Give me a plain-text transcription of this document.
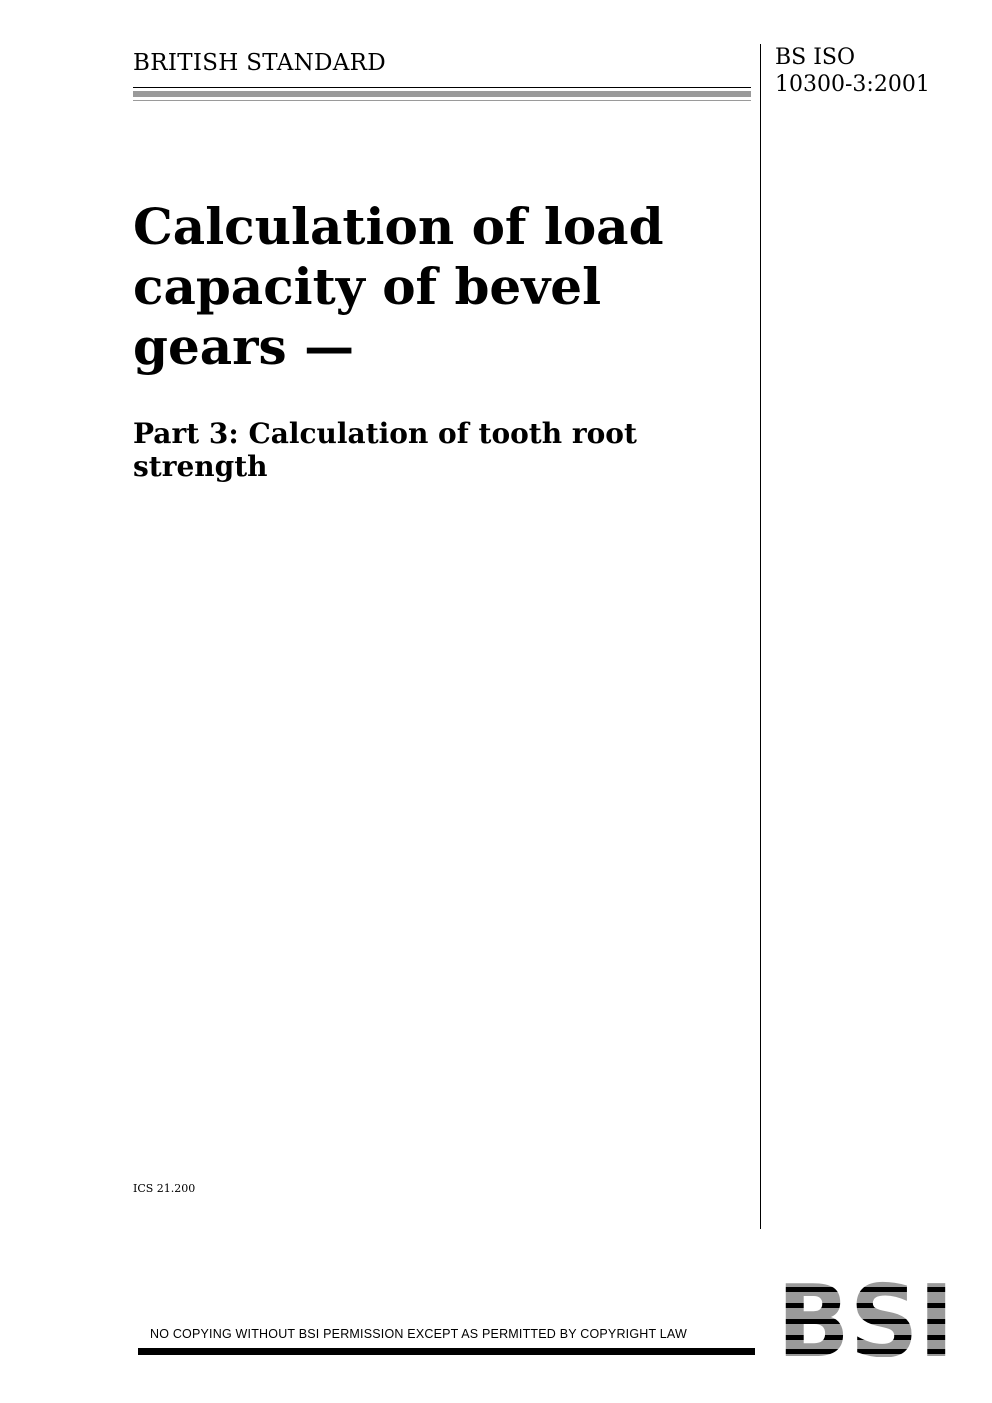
BRITISH STANDARD	BS ISO
10300-3:2001
Calculation of load capacity of bevel gears —
Part 3: Calculation of tooth root strength
ICS 21.200
NO COPYING WITHOUT BSI PERMISSION EXCEPT AS PERMITTED BY COPYRIGHT LAW
